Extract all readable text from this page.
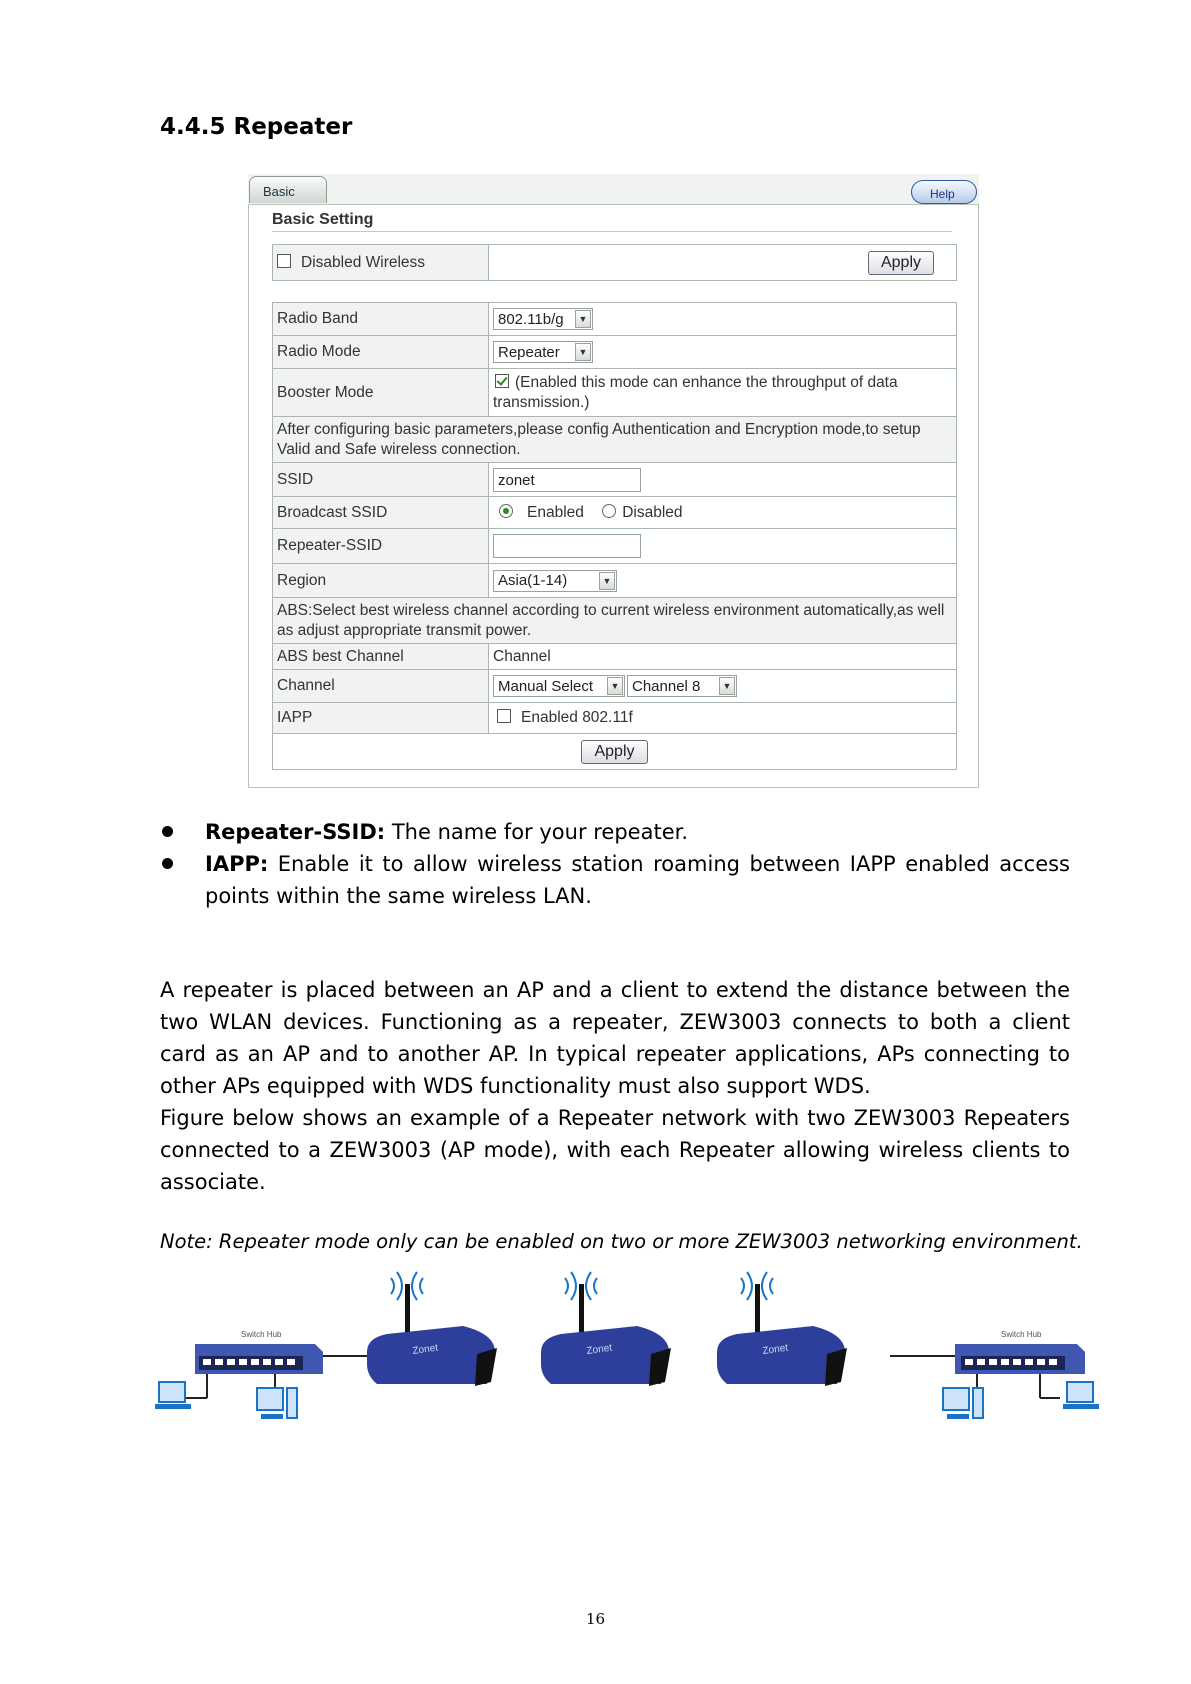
4.4.5 Repeater
Basic	Help
Basic Setting
Disabled Wireless	Apply
Radio Band	802.11b/g ▼

Radio Mode	Repeater ▼

Booster Mode	(Enabled this mode can enhance the throughput of data transmission.)
After configuring basic parameters,please config Authentication and Encryption mode,to setup Valid and Safe wireless connection.	
SSID	zonet
Broadcast SSID	Enabled Disabled
Repeater-SSID	
Region	Asia(1-14) ▼

ABS:Select best wireless channel according to current wireless environment automatically,as well as adjust appropriate transmit power.	
ABS best Channel	Channel
Channel	Manual Select ▼ Channel 8 ▼

IAPP	Enabled 802.11f
Apply	
Repeater-SSID: The name for your repeater.
IAPP: Enable it to allow wireless station roaming between IAPP enabled access points within the same wireless LAN.
A repeater is placed between an AP and a client to extend the distance between the two WLAN devices. Functioning as a repeater, ZEW3003 connects to both a client card as an AP and to another AP. In typical repeater applications, APs connecting to other APs equipped with WDS functionality must also support WDS.
Figure below shows an example of a Repeater network with two ZEW3003 Repeaters connected to a ZEW3003 (AP mode), with each Repeater allowing wireless clients to associate.

Note: Repeater mode only can be enabled on two or more ZEW3003 networking environment.

Switch Hub
Zonet	Zonet	Zonet
Switch Hub
16
